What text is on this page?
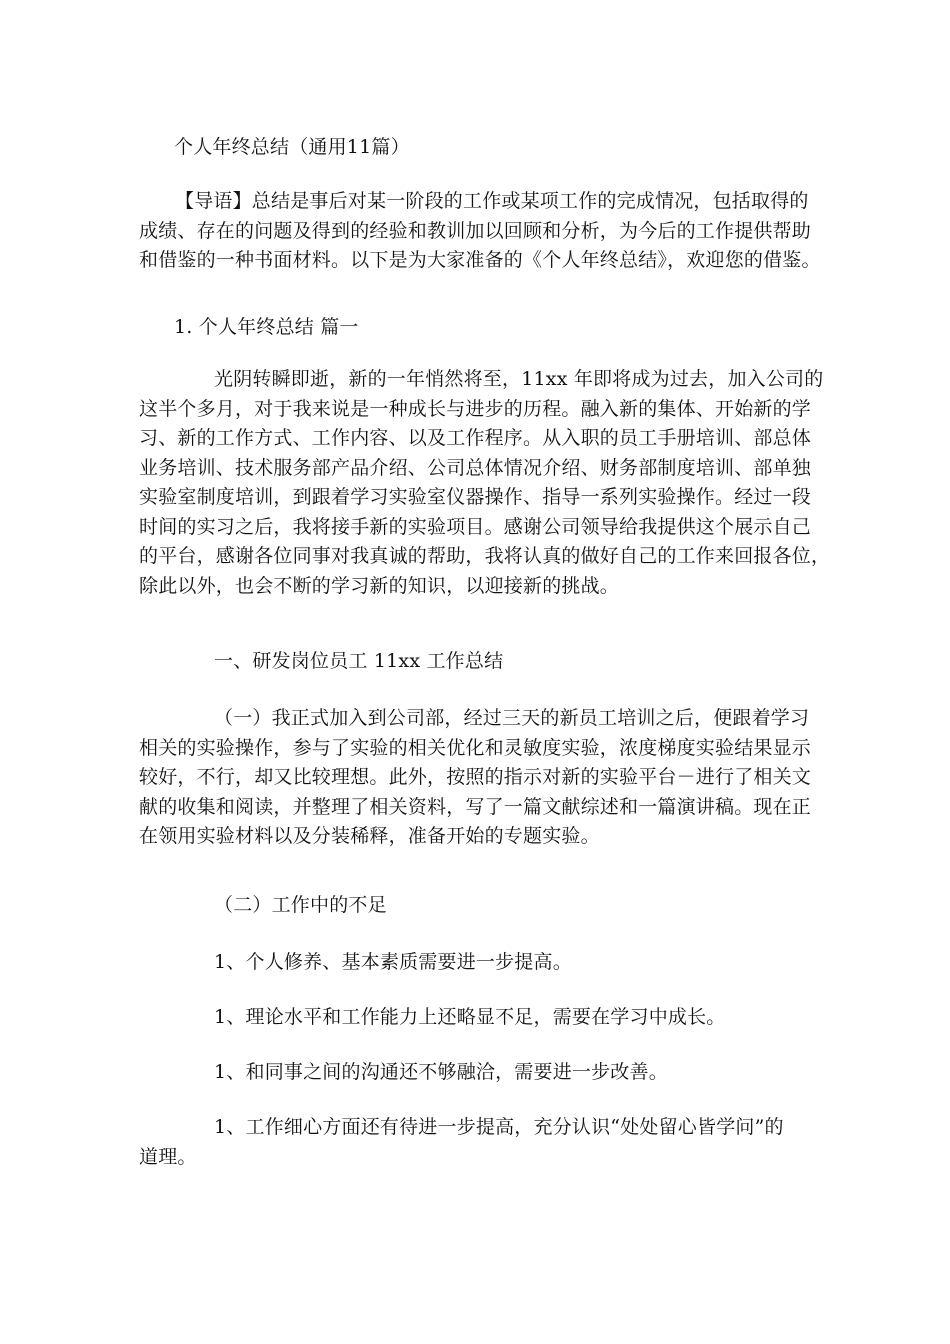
个人年终总结（通用11篇）
【导语】总结是事后对某一阶段的工作或某项工作的完成情况，包括取得的
成绩、存在的问题及得到的经验和教训加以回顾和分析，为今后的工作提供帮助
和借鉴的一种书面材料。以下是为大家准备的《个人年终总结》，欢迎您的借鉴。
1. 个人年终总结 篇一
光阴转瞬即逝，新的一年悄然将至，11xx 年即将成为过去，加入公司的
这半个多月，对于我来说是一种成长与进步的历程。融入新的集体、开始新的学
习、新的工作方式、工作内容、以及工作程序。从入职的员工手册培训、部总体
业务培训、技术服务部产品介绍、公司总体情况介绍、财务部制度培训、部单独
实验室制度培训，到跟着学习实验室仪器操作、指导一系列实验操作。经过一段
时间的实习之后，我将接手新的实验项目。感谢公司领导给我提供这个展示自己
的平台，感谢各位同事对我真诚的帮助，我将认真的做好自己的工作来回报各位，
除此以外，也会不断的学习新的知识，以迎接新的挑战。
一、研发岗位员工 11xx 工作总结
（一）我正式加入到公司部，经过三天的新员工培训之后，便跟着学习
相关的实验操作，参与了实验的相关优化和灵敏度实验，浓度梯度实验结果显示
较好，不行，却又比较理想。此外，按照的指示对新的实验平台－进行了相关文
献的收集和阅读，并整理了相关资料，写了一篇文献综述和一篇演讲稿。现在正
在领用实验材料以及分装稀释，准备开始的专题实验。
（二）工作中的不足
1、个人修养、基本素质需要进一步提高。
1、理论水平和工作能力上还略显不足，需要在学习中成长。
1、和同事之间的沟通还不够融洽，需要进一步改善。
1、工作细心方面还有待进一步提高，充分认识“处处留心皆学问”的
道理。
